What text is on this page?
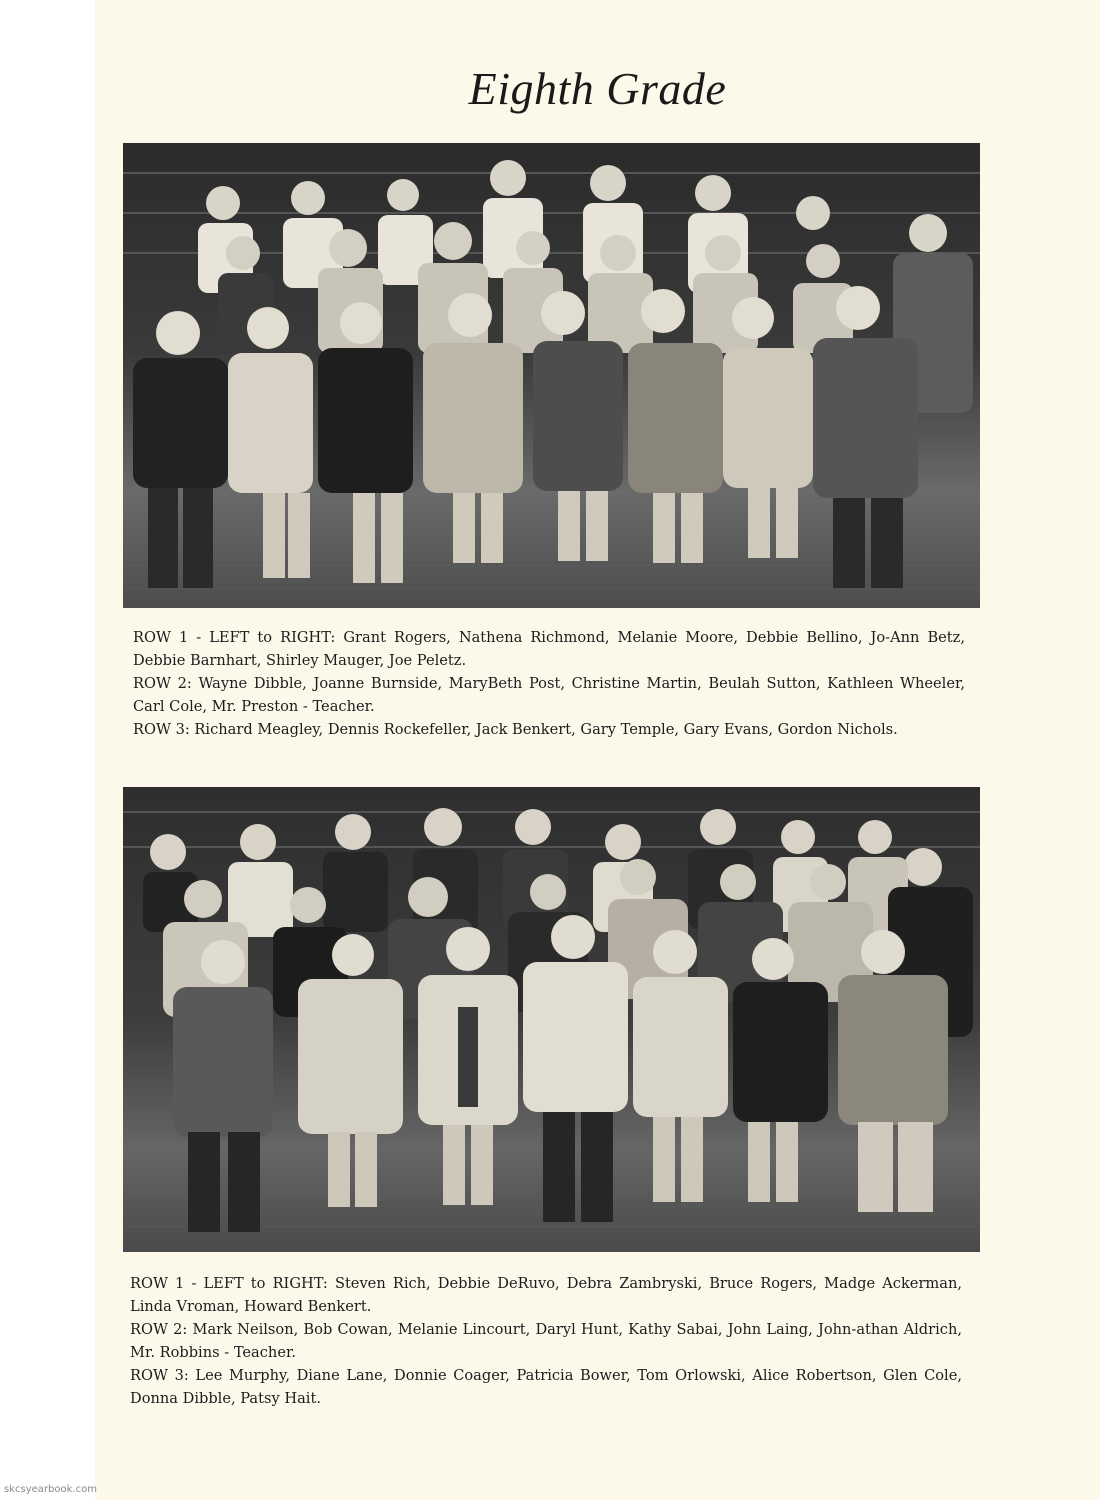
Eighth Grade

ROW 1 - LEFT to RIGHT: Grant Rogers, Nathena Richmond, Melanie Moore, Debbie Bellino, Jo-Ann Betz, Debbie Barnhart, Shirley Mauger, Joe Peletz.

ROW 2: Wayne Dibble, Joanne Burnside, MaryBeth Post, Christine Martin, Beulah Sutton, Kathleen Wheeler, Carl Cole, Mr. Preston - Teacher.

ROW 3: Richard Meagley, Dennis Rockefeller, Jack Benkert, Gary Temple, Gary Evans, Gordon Nichols.

ROW 1 - LEFT to RIGHT: Steven Rich, Debbie DeRuvo, Debra Zambryski, Bruce Rogers, Madge Ackerman, Linda Vroman, Howard Benkert.

ROW 2: Mark Neilson, Bob Cowan, Melanie Lincourt, Daryl Hunt, Kathy Sabai, John Laing, John-athan Aldrich, Mr. Robbins - Teacher.

ROW 3: Lee Murphy, Diane Lane, Donnie Coager, Patricia Bower, Tom Orlowski, Alice Robertson, Glen Cole, Donna Dibble, Patsy Hait.

skcsyearbook.com
